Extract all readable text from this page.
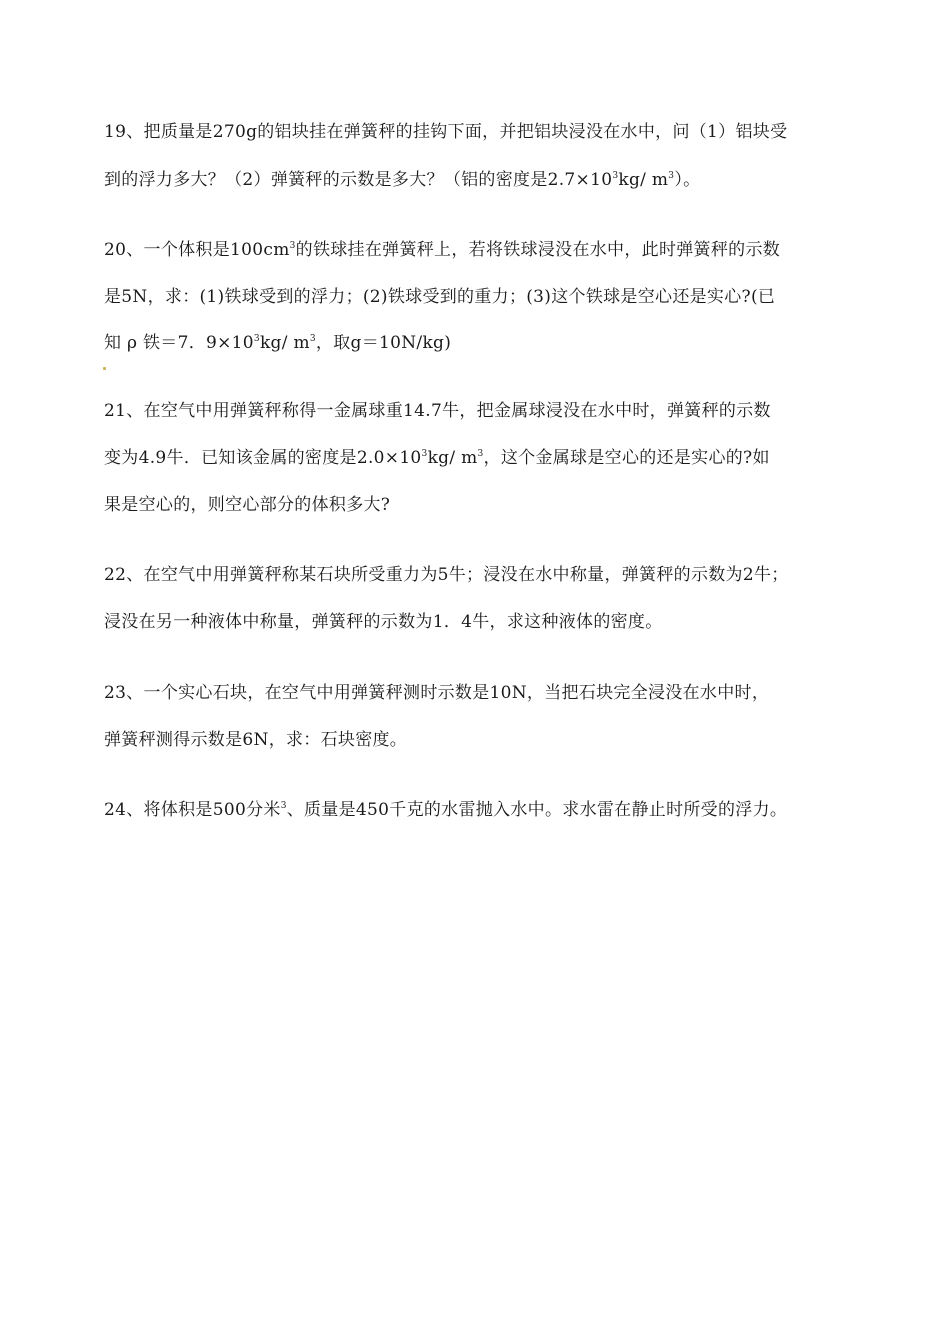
19、把质量是270g的铝块挂在弹簧秤的挂钩下面，并把铝块浸没在水中，问（1）铝块受
到的浮力多大？（2）弹簧秤的示数是多大？（铝的密度是$2.7\times 10^3kg/$ $m^3$）。
20、一个体积是$100cm^3$的铁球挂在弹簧秤上，若将铁球浸没在水中，此时弹簧秤的示数
是5N，求：(1)铁球受到的浮力；(2)铁球受到的重力；(3)这个铁球是空心还是实心?(已
知 ρ 铁＝7．$9\times 10^3kg/$ $m^3$，取g＝10N/kg)
21、在空气中用弹簧秤称得一金属球重14.7牛，把金属球浸没在水中时，弹簧秤的示数
变为4.9牛．已知该金属的密度是$2.0\times 10^3kg/$ $m^3$，这个金属球是空心的还是实心的?如
果是空心的，则空心部分的体积多大?
22、在空气中用弹簧秤称某石块所受重力为5牛；浸没在水中称量，弹簧秤的示数为2牛；
浸没在另一种液体中称量，弹簧秤的示数为1．4牛，求这种液体的密度。
23、一个实心石块，在空气中用弹簧秤测时示数是10N，当把石块完全浸没在水中时，
弹簧秤测得示数是6N，求：石块密度。
24、将体积是500分米$^3$、质量是450千克的水雷抛入水中。求水雷在静止时所受的浮力。
